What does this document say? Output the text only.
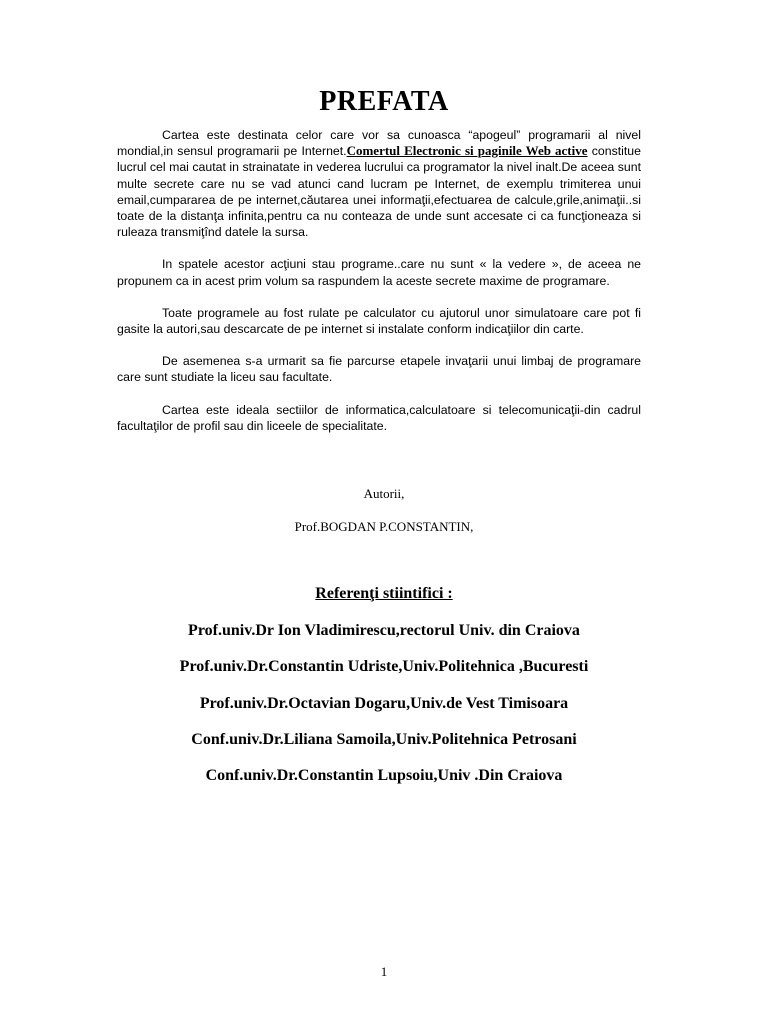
PREFATA

Cartea este destinata celor care vor sa cunoasca “apogeul” programarii al nivel mondial,in sensul programarii pe Internet.Comertul Electronic si paginile Web active constitue lucrul cel mai cautat in strainatate in vederea lucrului ca programator la nivel inalt.De aceea sunt multe secrete care nu se vad atunci cand lucram pe Internet, de exemplu trimiterea unui email,cumpararea de pe internet,căutarea unei informaţii,efectuarea de calcule,grile,animaţii..si toate de la distanţa infinita,pentru ca nu conteaza de unde sunt accesate ci ca funcţioneaza si ruleaza transmiţînd datele la sursa.

In spatele acestor acţiuni stau programe..care nu sunt « la vedere », de aceea ne propunem ca in acest prim volum sa raspundem la aceste secrete maxime de programare.

Toate programele au fost rulate pe calculator cu ajutorul unor simulatoare care pot fi gasite la autori,sau descarcate de pe internet si instalate conform indicaţiilor din carte.

De asemenea s-a urmarit sa fie parcurse etapele invaţarii unui limbaj de programare care sunt studiate la liceu sau facultate.

Cartea este ideala sectiilor de informatica,calculatoare si telecomunicaţii-din cadrul facultaţilor de profil sau din liceele de specialitate.

Autorii,
Prof.BOGDAN P.CONSTANTIN,
Referenţi stiintifici :
Prof.univ.Dr Ion Vladimirescu,rectorul Univ. din Craiova
Prof.univ.Dr.Constantin Udriste,Univ.Politehnica ,Bucuresti
Prof.univ.Dr.Octavian Dogaru,Univ.de Vest Timisoara
Conf.univ.Dr.Liliana Samoila,Univ.Politehnica Petrosani
Conf.univ.Dr.Constantin Lupsoiu,Univ .Din Craiova
1
